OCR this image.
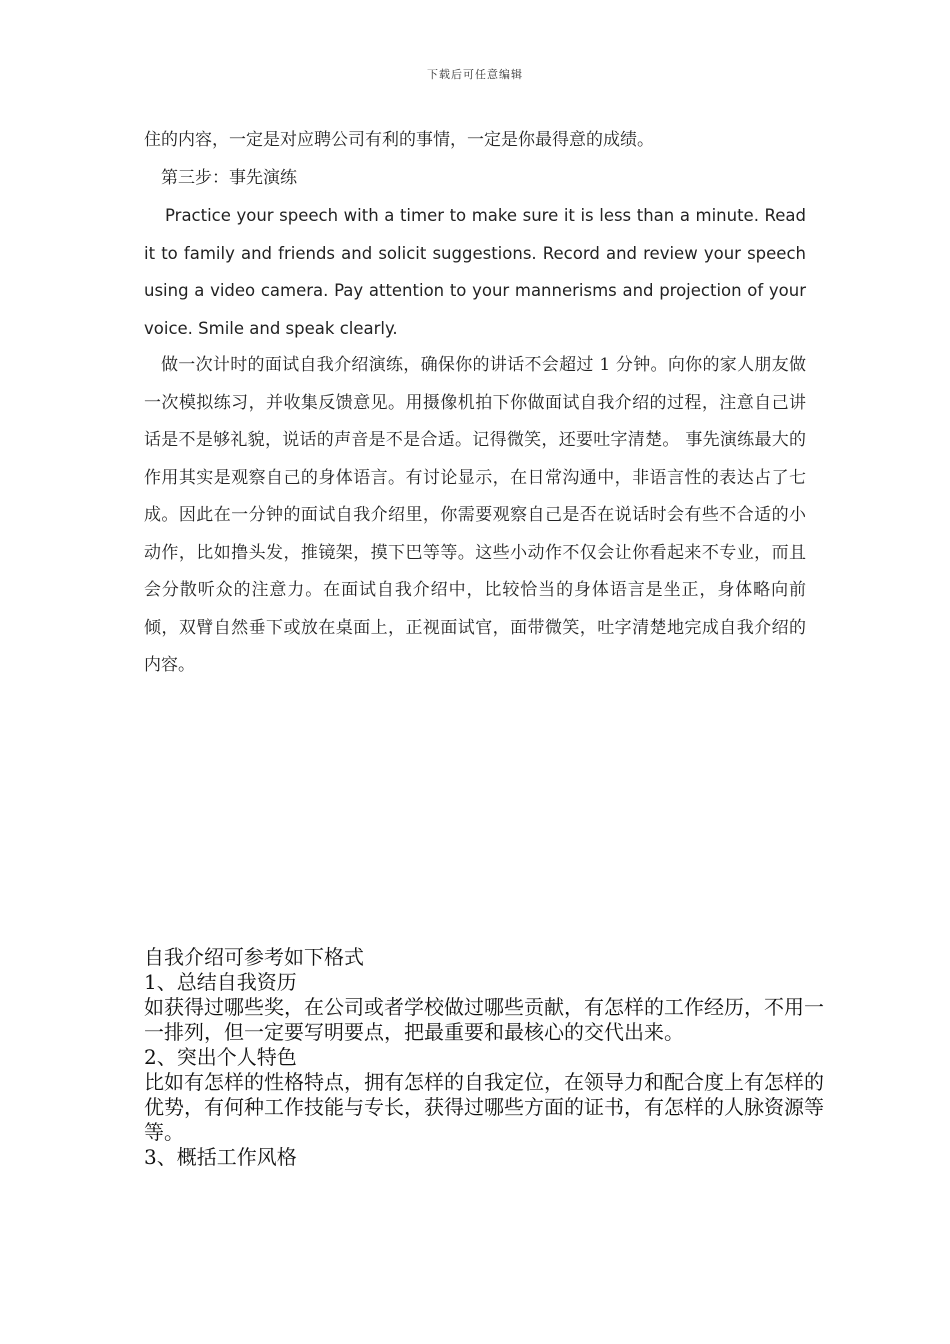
下载后可任意编辑

住的内容，一定是对应聘公司有利的事情，一定是你最得意的成绩。

第三步：事先演练

Practice your speech with a timer to make sure it is less than a minute. Read it to family and friends and solicit suggestions. Record and review your speech using a video camera. Pay attention to your mannerisms and projection of your voice. Smile and speak clearly.

做一次计时的面试自我介绍演练，确保你的讲话不会超过 1 分钟。向你的家人朋友做一次模拟练习，并收集反馈意见。用摄像机拍下你做面试自我介绍的过程，注意自己讲话是不是够礼貌，说话的声音是不是合适。记得微笑，还要吐字清楚。 事先演练最大的作用其实是观察自己的身体语言。有讨论显示，在日常沟通中，非语言性的表达占了七成。因此在一分钟的面试自我介绍里，你需要观察自己是否在说话时会有些不合适的小动作，比如撸头发，推镜架，摸下巴等等。这些小动作不仅会让你看起来不专业，而且会分散听众的注意力。在面试自我介绍中，比较恰当的身体语言是坐正，身体略向前倾，双臂自然垂下或放在桌面上，正视面试官，面带微笑，吐字清楚地完成自我介绍的内容。

自我介绍可参考如下格式

1、总结自我资历

如获得过哪些奖，在公司或者学校做过哪些贡献，有怎样的工作经历，不用一一排列，但一定要写明要点，把最重要和最核心的交代出来。

2、突出个人特色

比如有怎样的性格特点，拥有怎样的自我定位，在领导力和配合度上有怎样的优势，有何种工作技能与专长，获得过哪些方面的证书，有怎样的人脉资源等等。

3、概括工作风格
